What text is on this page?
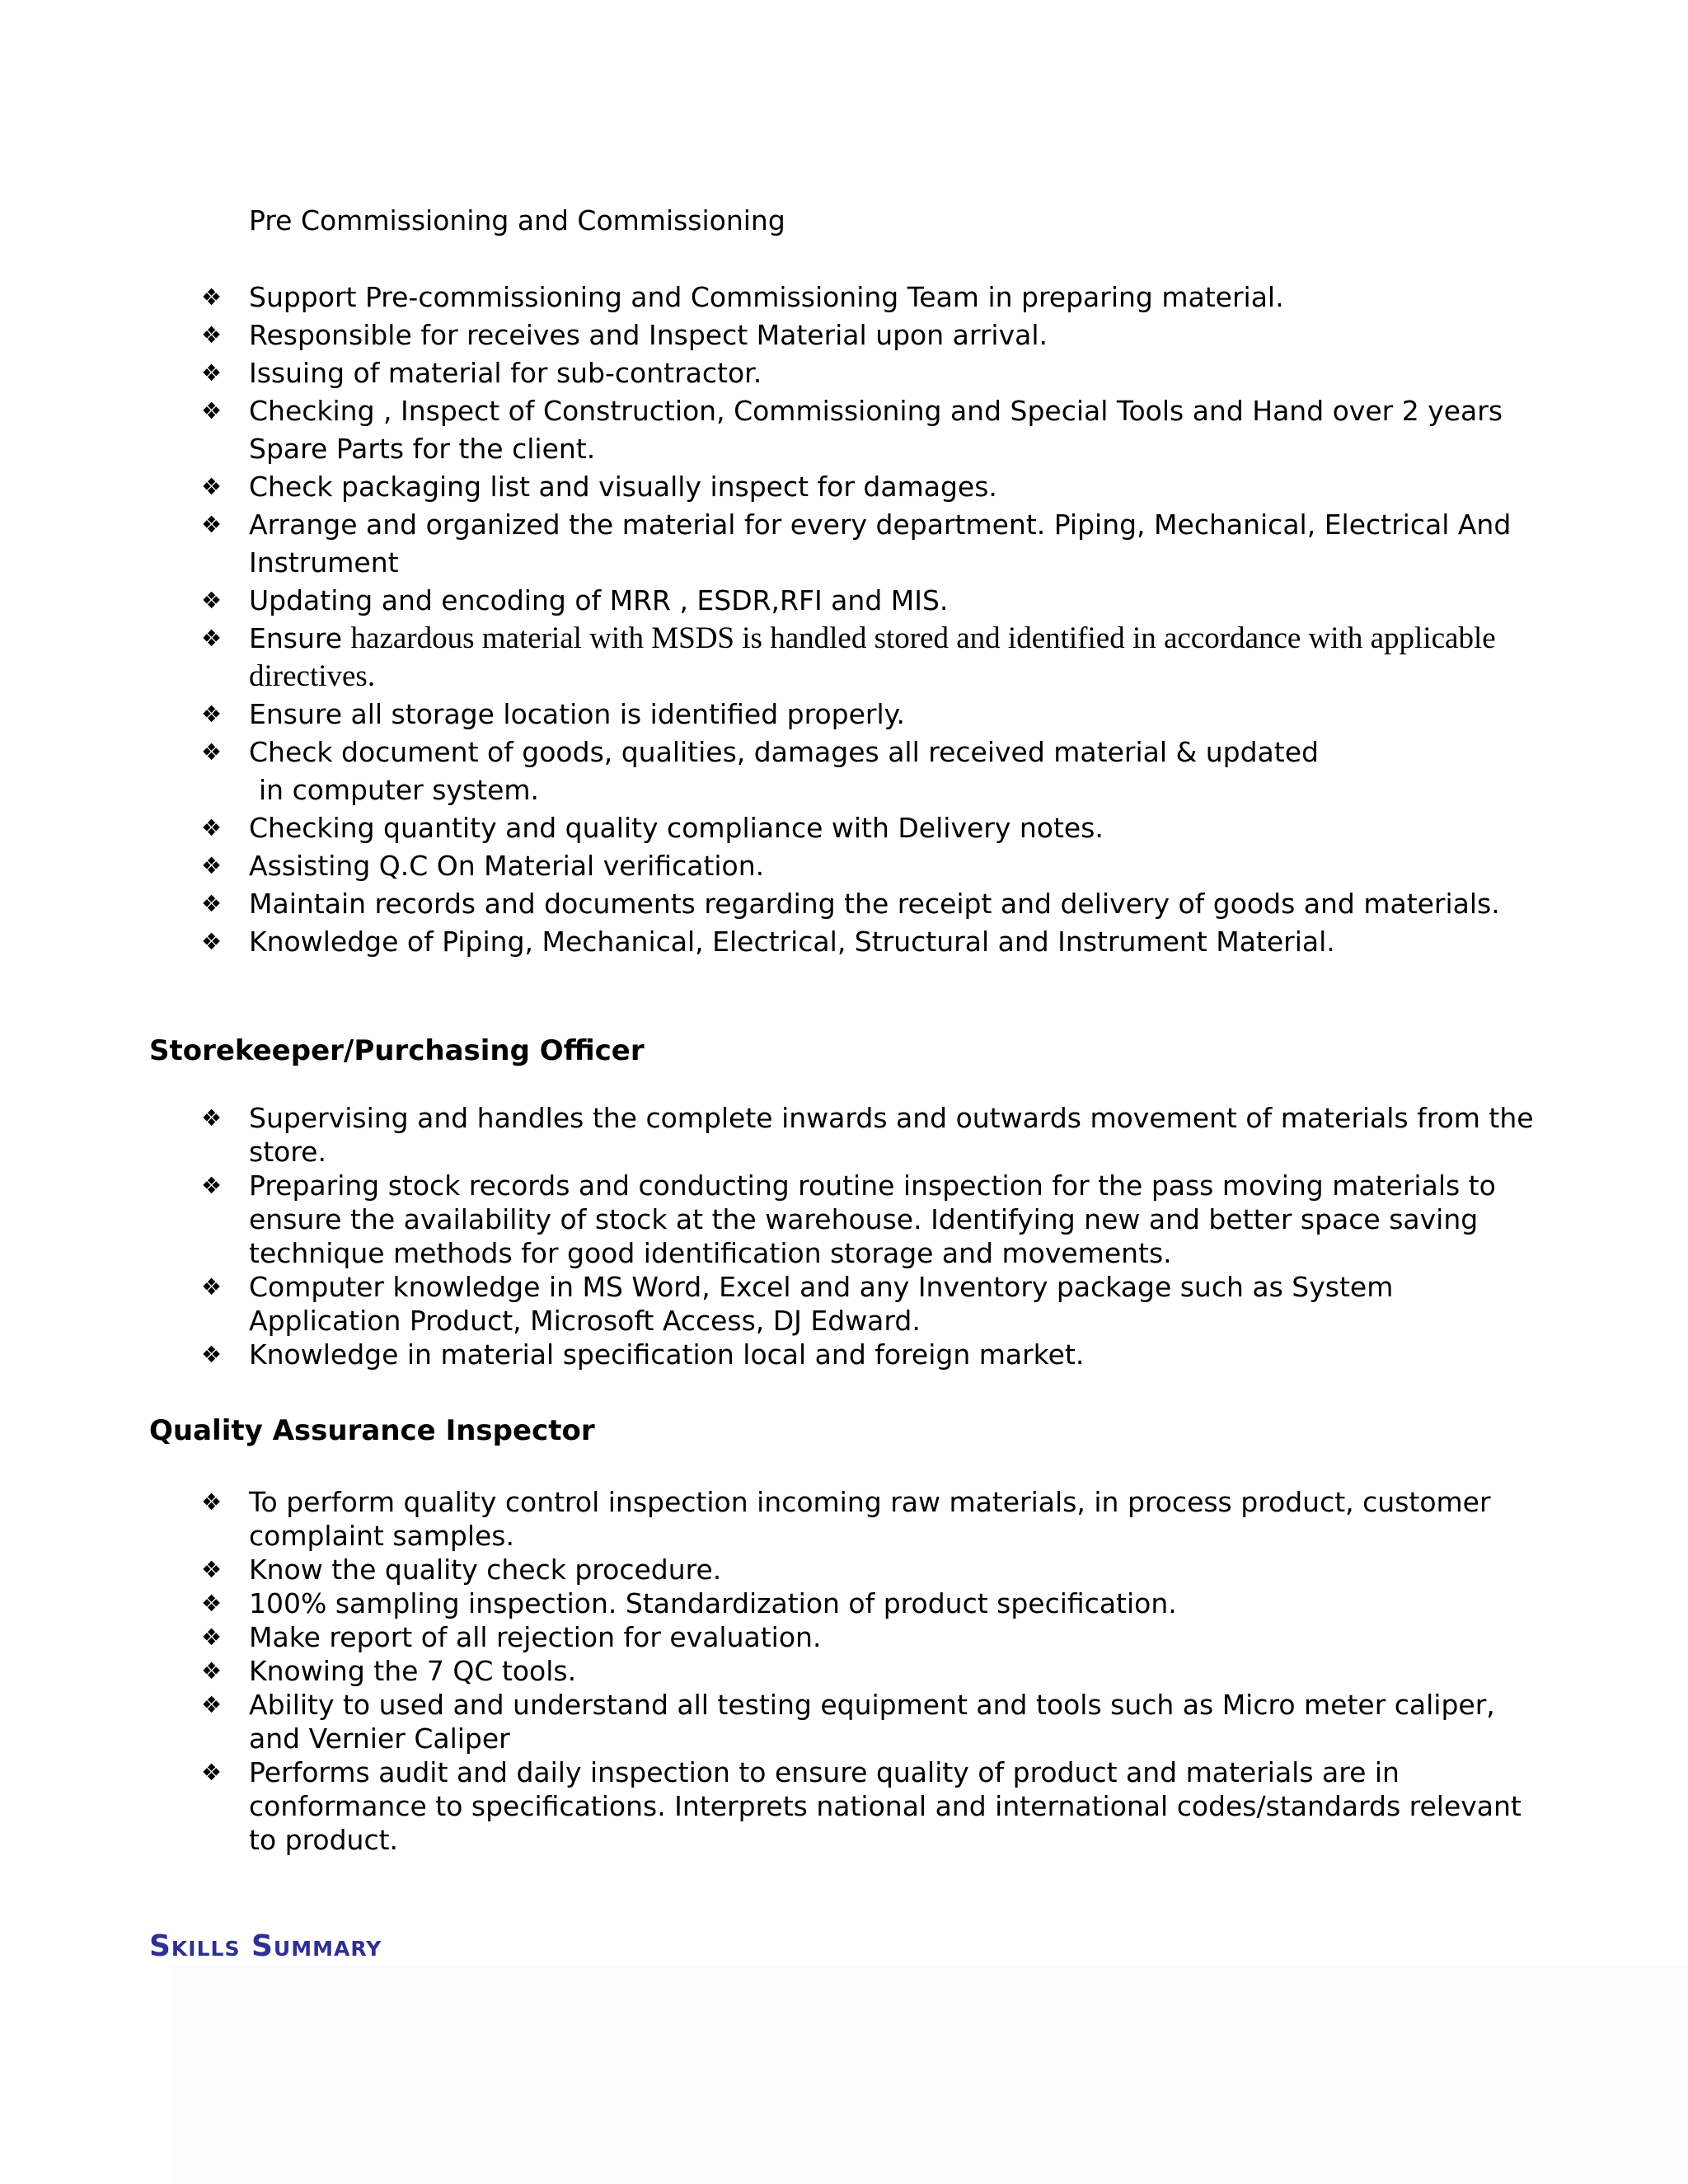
Pre Commissioning and Commissioning
❖ Support Pre-commissioning and Commissioning Team in preparing material.
❖ Responsible for receives and Inspect Material upon arrival.
❖ Issuing of material for sub-contractor.
❖ Checking , Inspect of Construction, Commissioning and Special Tools and Hand over 2 years Spare Parts for the client.
❖ Check packaging list and visually inspect for damages.
❖ Arrange and organized the material for every department. Piping, Mechanical, Electrical And Instrument
❖ Updating and encoding of MRR , ESDR,RFI and MIS.
❖ Ensure hazardous material with MSDS is handled stored and identified in accordance with applicable directives.
❖ Ensure all storage location is identified properly.
❖ Check document of goods, qualities, damages all received material & updated
in computer system.
❖ Checking quantity and quality compliance with Delivery notes.
❖ Assisting Q.C On Material verification.
❖ Maintain records and documents regarding the receipt and delivery of goods and materials.
❖ Knowledge of Piping, Mechanical, Electrical, Structural and Instrument Material.
Storekeeper/Purchasing Officer
❖ Supervising and handles the complete inwards and outwards movement of materials from the store.
❖ Preparing stock records and conducting routine inspection for the pass moving materials to ensure the availability of stock at the warehouse. Identifying new and better space saving technique methods for good identification storage and movements.
❖ Computer knowledge in MS Word, Excel and any Inventory package such as System Application Product, Microsoft Access, DJ Edward.
❖ Knowledge in material specification local and foreign market.
Quality Assurance Inspector
❖ To perform quality control inspection incoming raw materials, in process product, customer complaint samples.
❖ Know the quality check procedure.
❖ 100% sampling inspection. Standardization of product specification.
❖ Make report of all rejection for evaluation.
❖ Knowing the 7 QC tools.
❖ Ability to used and understand all testing equipment and tools such as Micro meter caliper, and Vernier Caliper
❖ Performs audit and daily inspection to ensure quality of product and materials are in conformance to specifications. Interprets national and international codes/standards relevant to product.
Skills Summary
